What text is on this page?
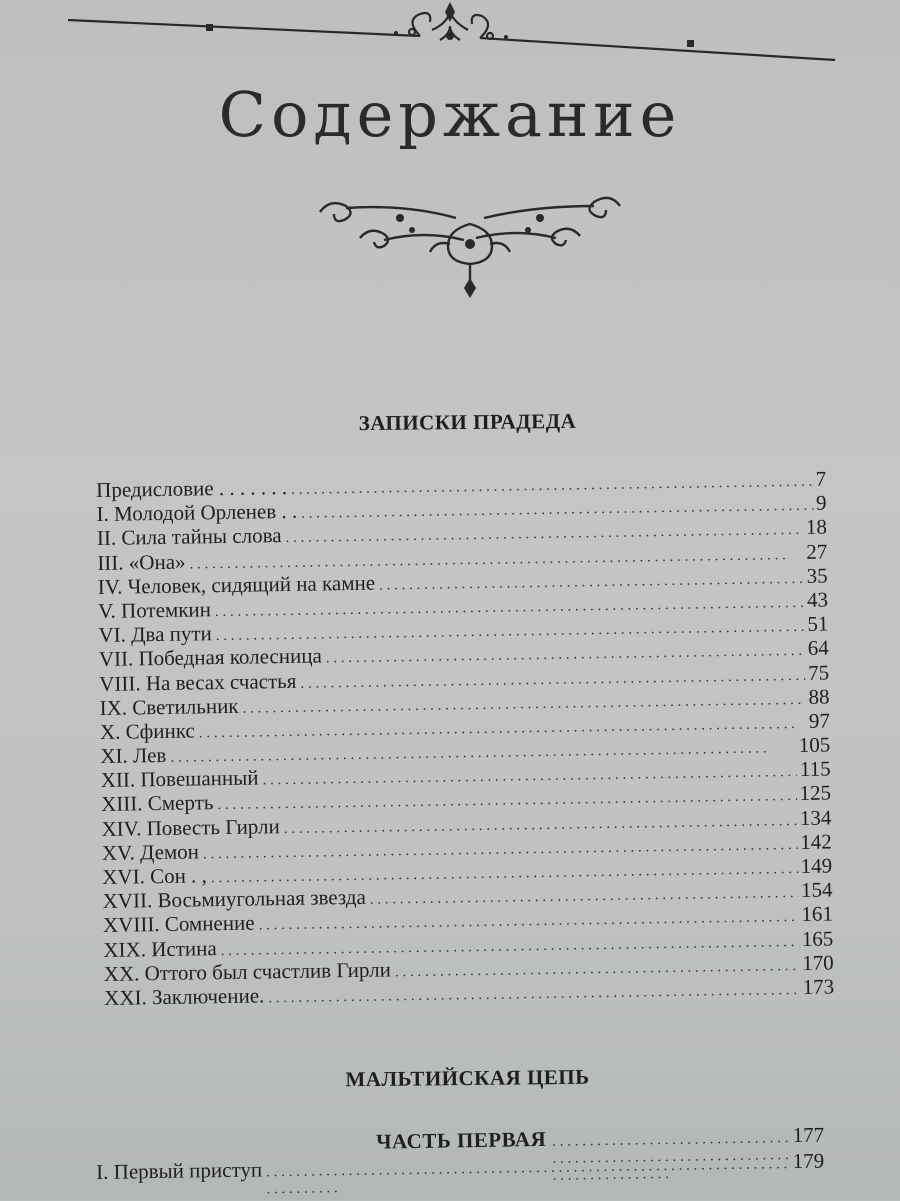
Содержание
ЗАПИСКИ ПРАДЕДА
Предисловие . . . . . . . . . .	7
I. Молодой Орленев . . . . .	9
II. Сила тайны слова . . .	18
III. «Она» . . .	27
IV. Человек, сидящий на камне . . .	35
V. Потемкин . . .	43
VI. Два пути . . .	51
VII. Победная колесница . . .	64
VIII. На весах счастья . . .	75
IX. Светильник . . .	88
X. Сфинкс . . .	97
XI. Лев . . .	105
XII. Повешанный . . .	115
XIII. Смерть . . .	125
XIV. Повесть Гирли . . .	134
XV. Демон . . .	142
XVI. Сон . , . . .	149
XVII. Восьмиугольная звезда . . .	154
XVIII. Сомнение . . .	161
XIX. Истина . . .	165
XX. Оттого был счастлив Гирли . . .	170
XXI. Заключение. . . .	173
МАЛЬТИЙСКАЯ ЦЕПЬ
ЧАСТЬ ПЕРВАЯ . . .	177
I. Первый приступ . . .	179
